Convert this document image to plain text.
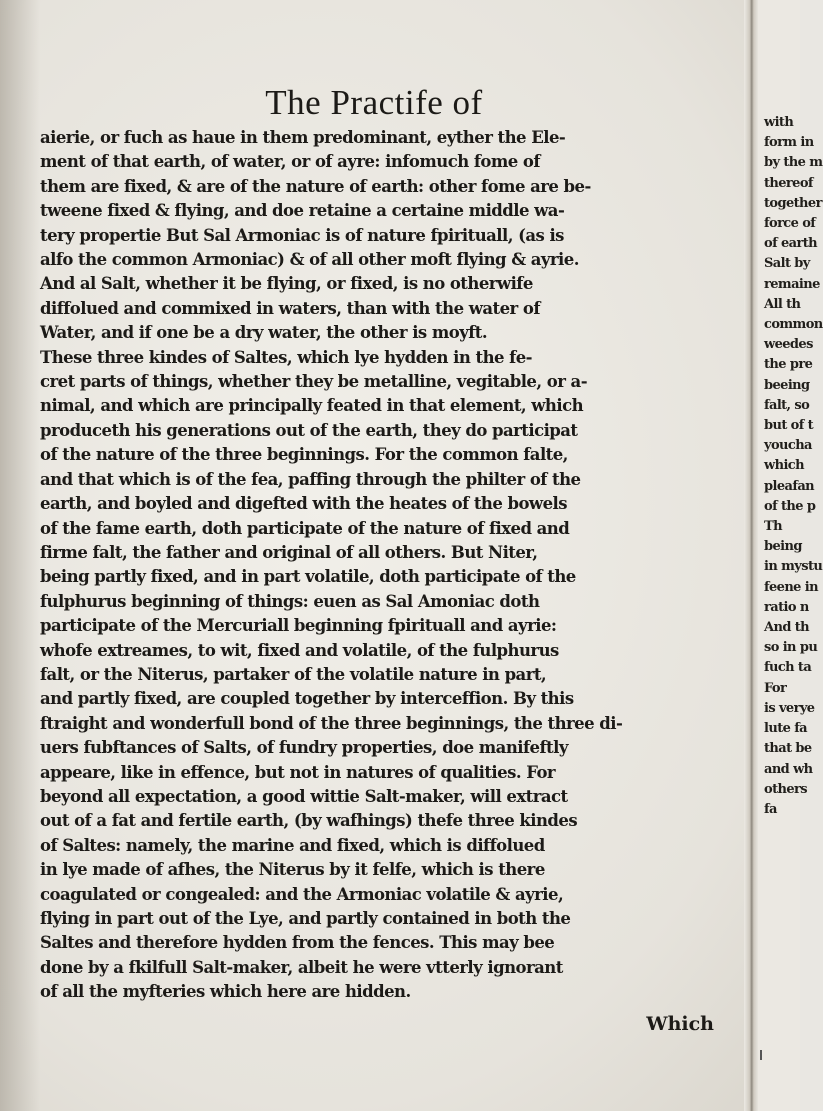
The Practife of
aierie, or fuch as haue in them predominant, eyther the Ele-
ment of that earth, of water, or of ayre: infomuch fome of
them are fixed, & are of the nature of earth: other fome are be-
tweene fixed & flying, and doe retaine a certaine middle wa-
tery propertie But Sal Armoniac is of nature fpirituall, (as is
alfo the common Armoniac) & of all other moft flying & ayrie.
And al Salt, whether it be flying, or fixed, is no otherwife
diffolued and commixed in waters, than with the water of
Water, and if one be a dry water, the other is moyft.
These three kindes of Saltes, which lye hydden in the fe-
cret parts of things, whether they be metalline, vegitable, or a-
nimal, and which are principally feated in that element, which
produceth his generations out of the earth, they do participat
of the nature of the three beginnings. For the common falte,
and that which is of the fea, paffing through the philter of the
earth, and boyled and digefted with the heates of the bowels
of the fame earth, doth participate of the nature of fixed and
firme falt, the father and original of all others. But Niter,
being partly fixed, and in part volatile, doth participate of the
fulphurus beginning of things: euen as Sal Amoniac doth
participate of the Mercuriall beginning fpirituall and ayrie:
whofe extreames, to wit, fixed and volatile, of the fulphurus
falt, or the Niterus, partaker of the volatile nature in part,
and partly fixed, are coupled together by interceffion. By this
ftraight and wonderfull bond of the three beginnings, the three di-
uers fubftances of Salts, of fundry properties, doe manifeftly
appeare, like in effence, but not in natures of qualities. For
beyond all expectation, a good wittie Salt-maker, will extract
out of a fat and fertile earth, (by wafhings) thefe three kindes
of Saltes: namely, the marine and fixed, which is diffolued
in lye made of afhes, the Niterus by it felfe, which is there
coagulated or congealed: and the Armoniac volatile & ayrie,
flying in part out of the Lye, and partly contained in both the
Saltes and therefore hydden from the fences. This may bee
done by a fkilfull Salt-maker, albeit he were vtterly ignorant
of all the myfteries which here are hidden.
Which
with
form in
by the m
thereof
together
force of
of earth
Salt by
remaine
All th
common
weedes
the pre
beeing
falt, so
but of t
youcha
which
pleafan
of the p
Th
being
in mystu
feene in
ratio n
And th
so in pu
fuch ta
For
is verye
lute fa
that be
and wh
others
fa
